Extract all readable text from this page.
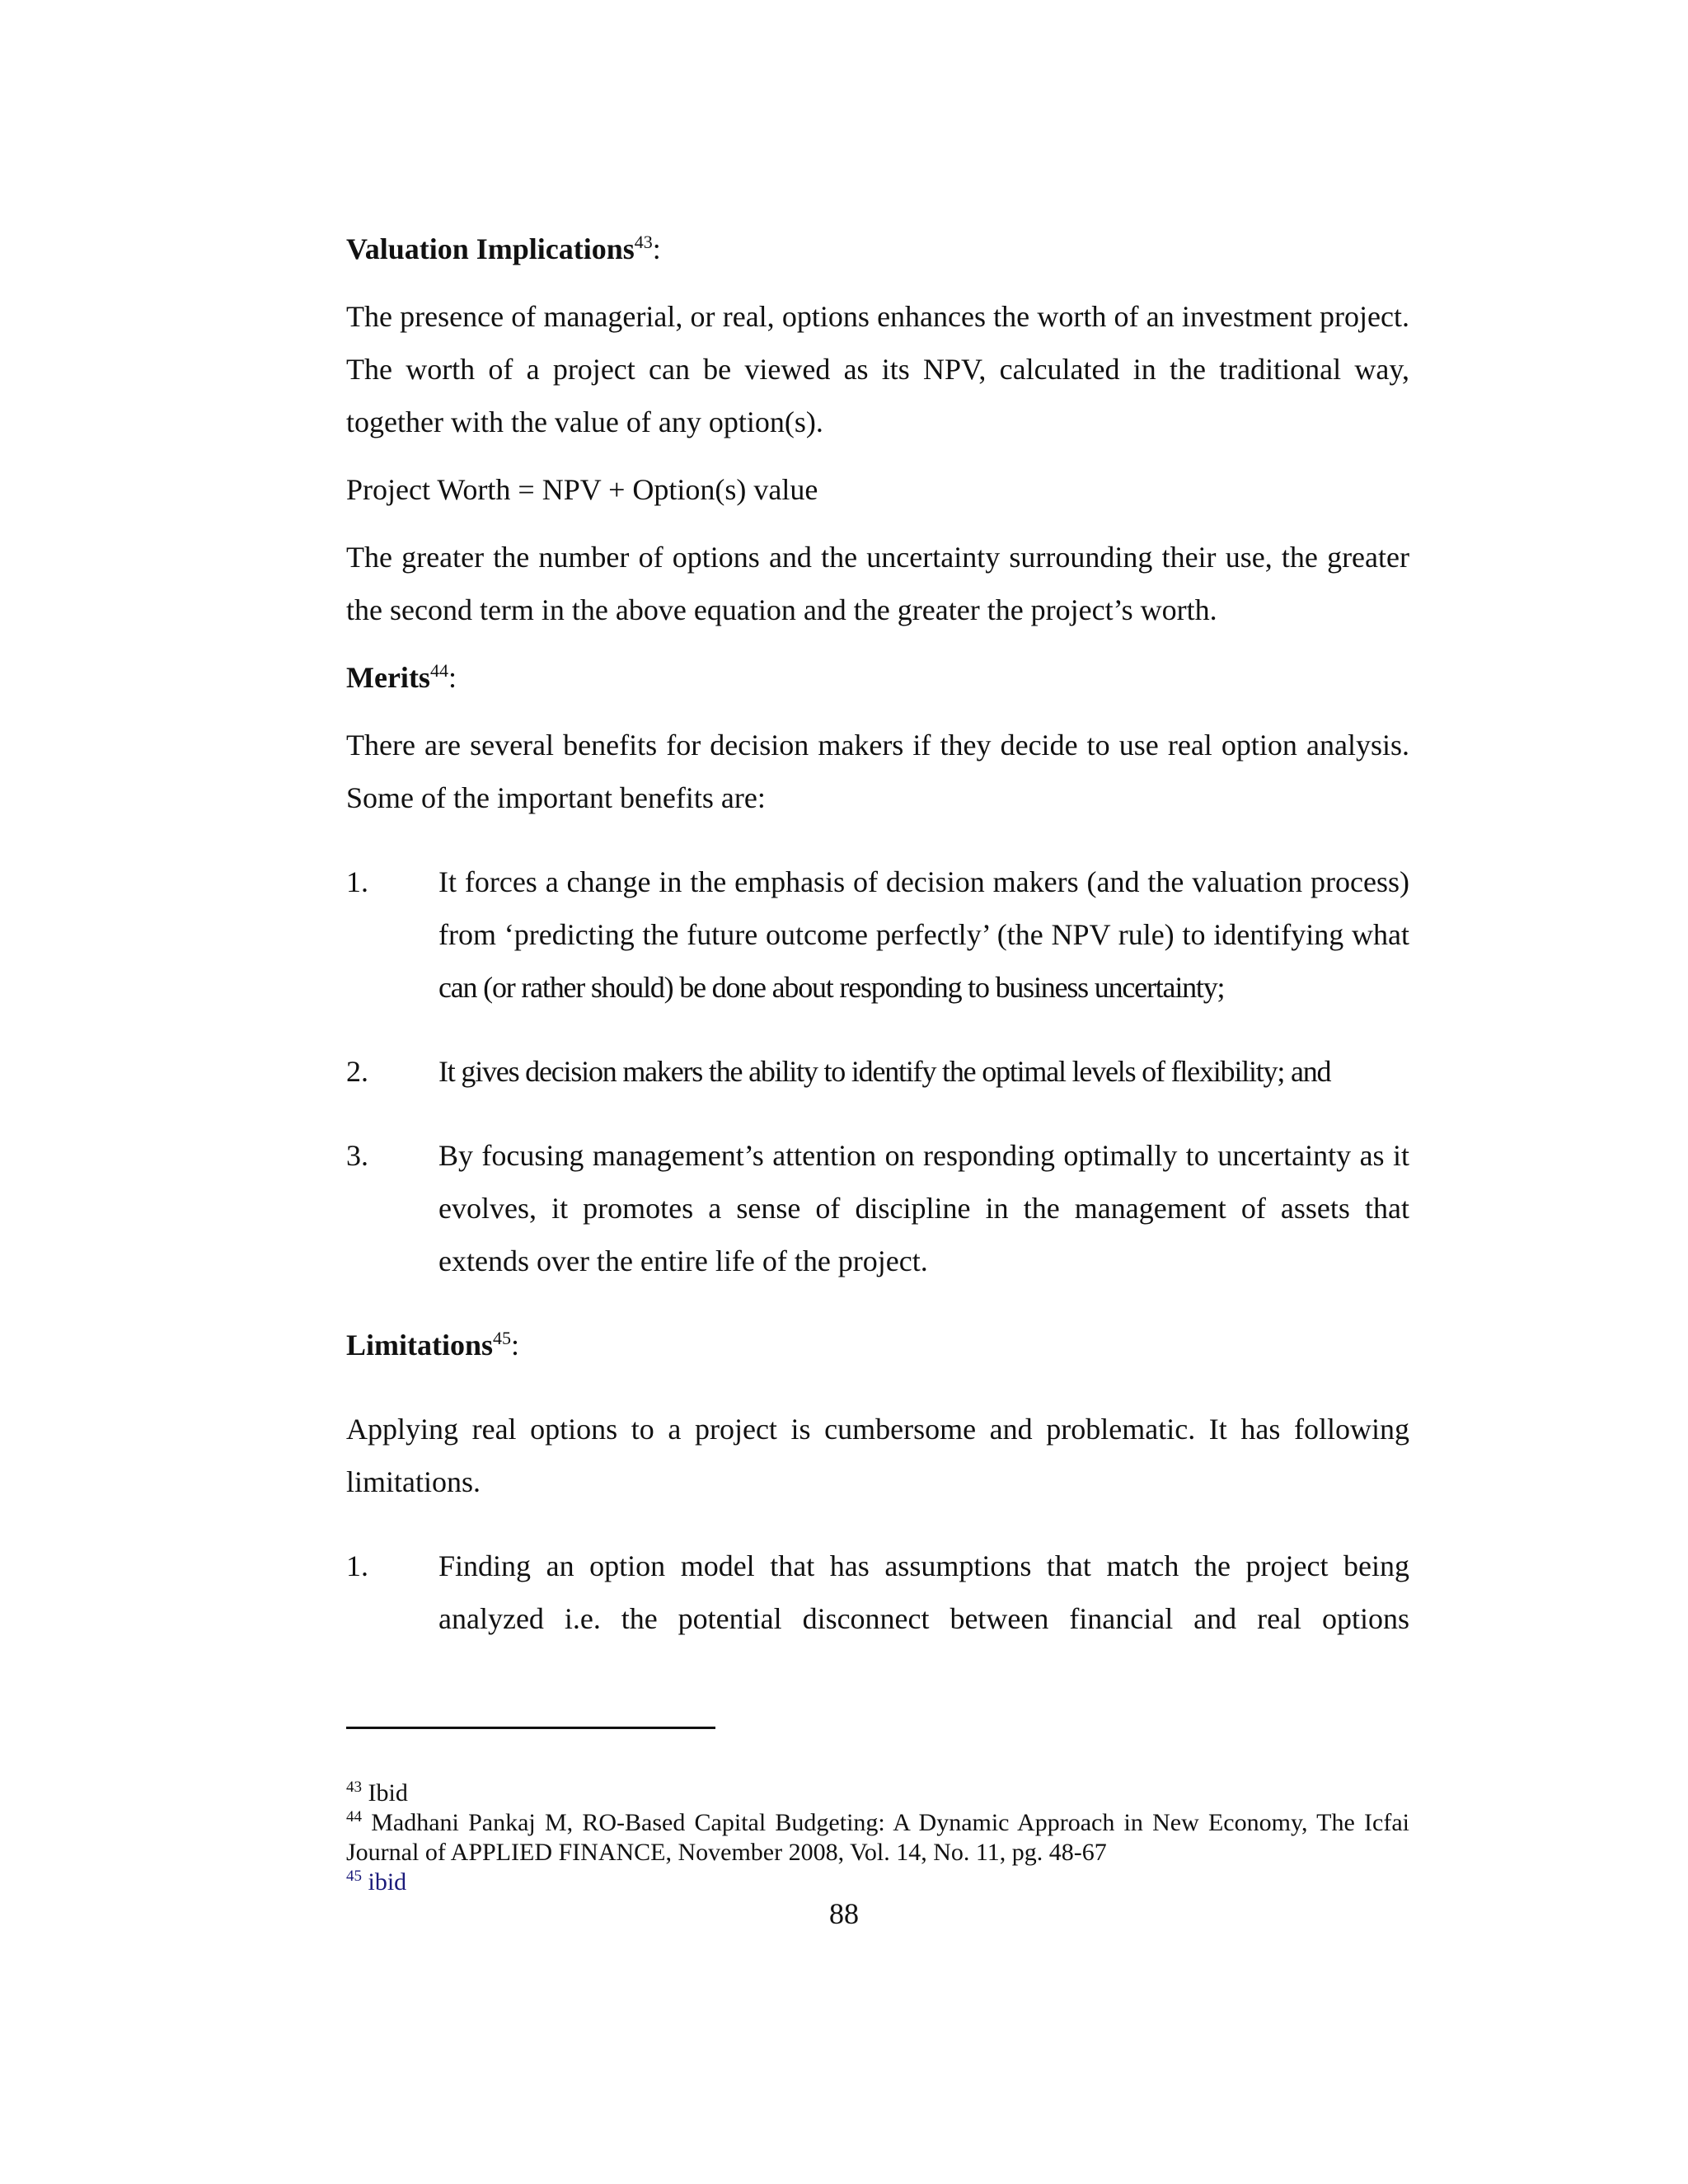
Valuation Implications$^{43}$:

The presence of managerial, or real, options enhances the worth of an investment project. The worth of a project can be viewed as its NPV, calculated in the traditional way, together with the value of any option(s).

Project Worth = NPV + Option(s) value

The greater the number of options and the uncertainty surrounding their use, the greater the second term in the above equation and the greater the project’s worth.

Merits$^{44}$:

There are several benefits for decision makers if they decide to use real option analysis. Some of the important benefits are:

1.	It forces a change in the emphasis of decision makers (and the valuation process) from ‘predicting the future outcome perfectly’ (the NPV rule) to identifying what can (or rather should) be done about responding to business uncertainty;
2.	It gives decision makers the ability to identify the optimal levels of flexibility; and
3.	By focusing management’s attention on responding optimally to uncertainty as it evolves, it promotes a sense of discipline in the management of assets that extends over the entire life of the project.
Limitations$^{45}$:

Applying real options to a project is cumbersome and problematic. It has following limitations.

1.	Finding an option model that has assumptions that match the project being analyzed i.e. the potential disconnect between financial and real options

$^{43}$ Ibid

$^{44}$ Madhani Pankaj M, RO-Based Capital Budgeting: A Dynamic Approach in New Economy, The Icfai Journal of APPLIED FINANCE, November 2008, Vol. 14, No. 11, pg. 48-67

$^{45}$ ibid

88
